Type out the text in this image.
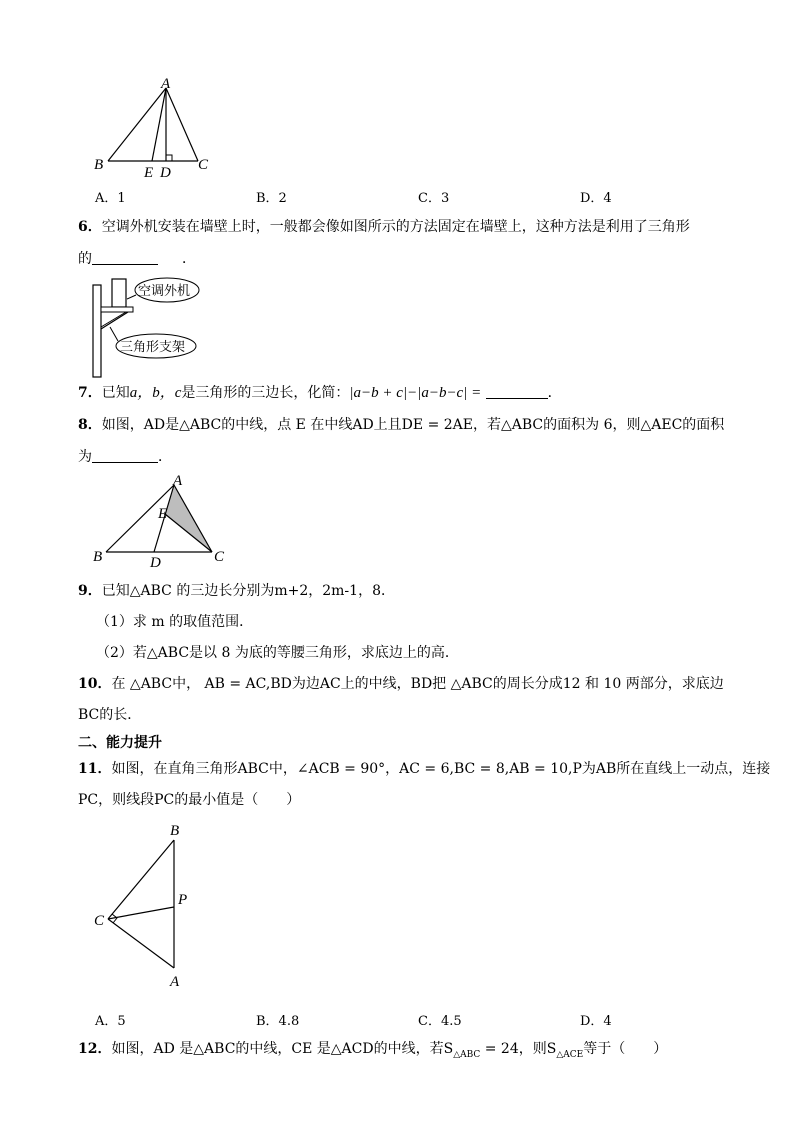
A
B	E D C
A．1	B．2	C．3	D．4
6．空调外机安装在墙壁上时，一般都会像如图所示的方法固定在墙壁上，这种方法是利用了三角形
的	．
空调外机
三角形支架
7．已知a，b，c是三角形的三边长，化简：|a−b + c|−|a−b−c| =	．
8．如图，AD是△ABC的中线，点 E 在中线AD上且DE = 2AE，若△ABC的面积为 6，则△AEC的面积
为	．
A
E
B	D	C
9．已知△ABC 的三边长分别为m+2，2m-1，8．
（1）求 m 的取值范围．
（2）若△ABC是以 8 为底的等腰三角形，求底边上的高．
10．在 △ABC中， AB = AC,BD为边AC上的中线，BD把 △ABC的周长分成12 和 10 两部分，求底边
BC的长．
二、能力提升
11．如图，在直角三角形ABC中，∠ACB = 90°，AC = 6,BC = 8,AB = 10,P为AB所在直线上一动点，连接
PC，则线段PC的最小值是（　　）
B
P
C
A
A．5	B．4.8	C．4.5	D．4
12．如图，AD 是△ABC的中线，CE 是△ACD的中线，若$S_{\triangle ABC} = 24$，则$S_{\triangle ACE}$等于（　　）
